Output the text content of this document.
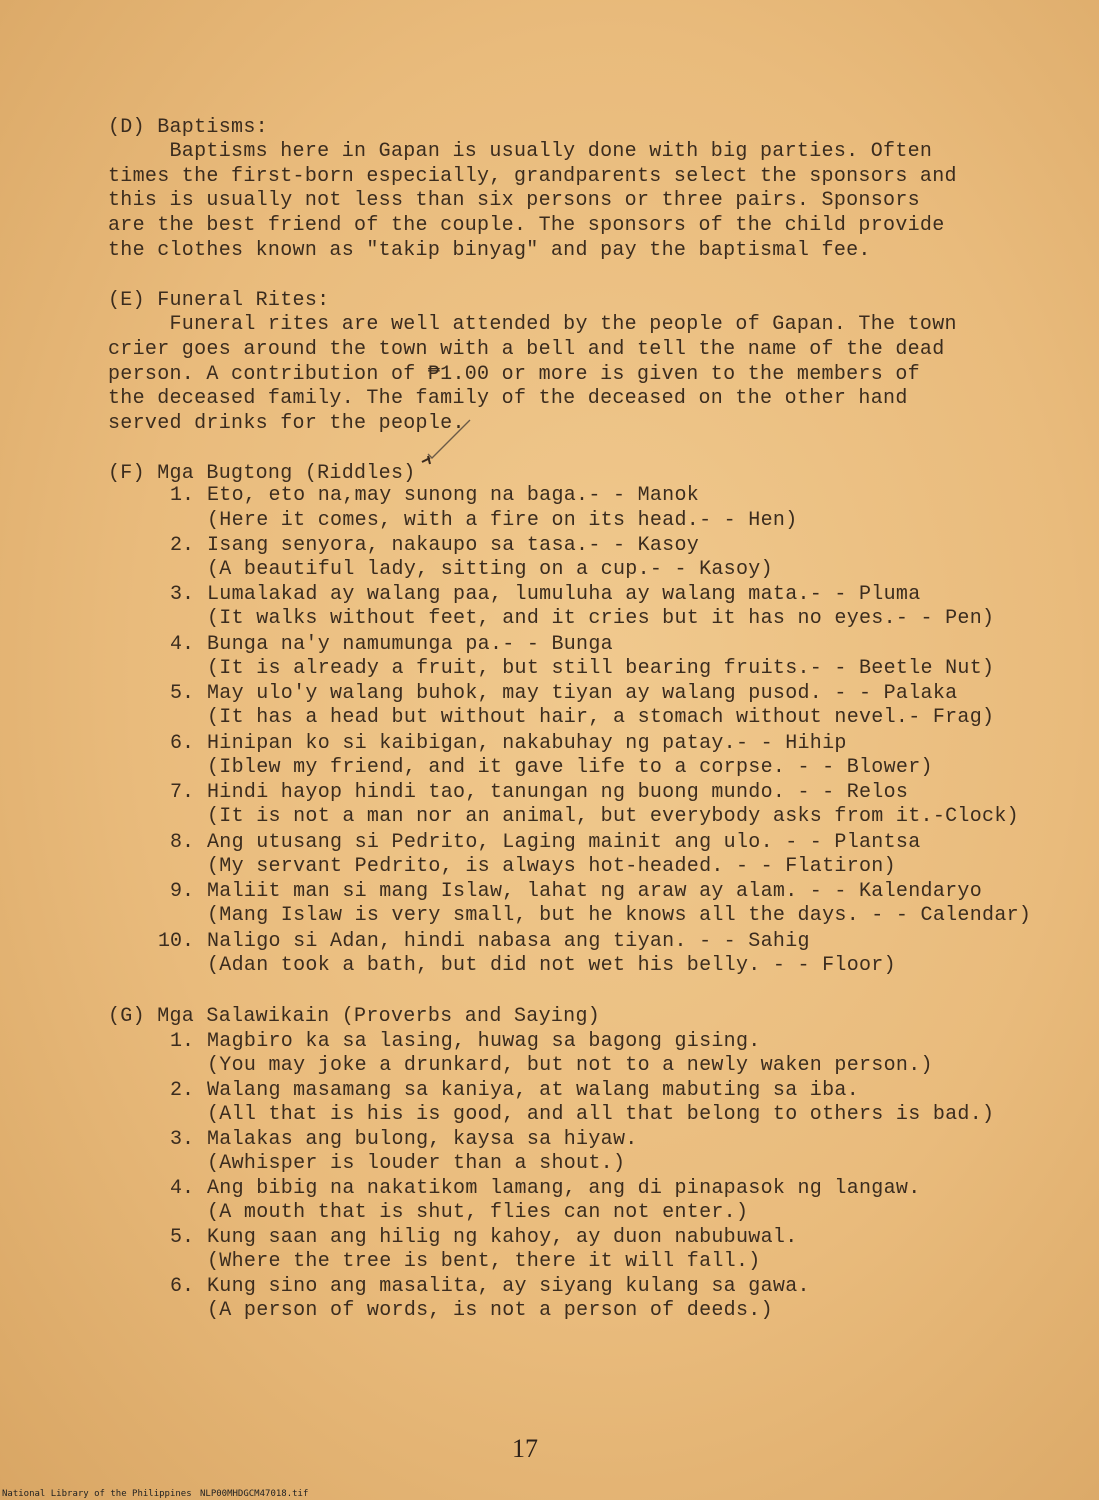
(D) Baptisms:
Baptisms here in Gapan is usually done with big parties. Often
times the first-born especially, grandparents select the sponsors and
this is usually not less than six persons or three pairs. Sponsors
are the best friend of the couple. The sponsors of the child provide
the clothes known as "takip binyag" and pay the baptismal fee.
(E) Funeral Rites:
Funeral rites are well attended by the people of Gapan. The town
crier goes around the town with a bell and tell the name of the dead
person. A contribution of ₱1.00 or more is given to the members of
the deceased family. The family of the deceased on the other hand
served drinks for the people.
(F) Mga Bugtong (Riddles)
1. Eto, eto na,may sunong na baga.- - Manok
(Here it comes, with a fire on its head.- - Hen)
2. Isang senyora, nakaupo sa tasa.- - Kasoy
(A beautiful lady, sitting on a cup.- - Kasoy)
3. Lumalakad ay walang paa, lumuluha ay walang mata.- - Pluma
(It walks without feet, and it cries but it has no eyes.- - Pen)
4. Bunga na'y namumunga pa.- - Bunga
(It is already a fruit, but still bearing fruits.- - Beetle Nut)
5. May ulo'y walang buhok, may tiyan ay walang pusod. - - Palaka
(It has a head but without hair, a stomach without nevel.- Frag)
6. Hinipan ko si kaibigan, nakabuhay ng patay.- - Hihip
(Iblew my friend, and it gave life to a corpse. - - Blower)
7. Hindi hayop hindi tao, tanungan ng buong mundo. - - Relos
(It is not a man nor an animal, but everybody asks from it.-Clock)
8. Ang utusang si Pedrito, Laging mainit ang ulo. - - Plantsa
(My servant Pedrito, is always hot-headed. - - Flatiron)
9. Maliit man si mang Islaw, lahat ng araw ay alam. - - Kalendaryo
(Mang Islaw is very small, but he knows all the days. - - Calendar)
10. Naligo si Adan, hindi nabasa ang tiyan. - - Sahig
(Adan took a bath, but did not wet his belly. - - Floor)
(G) Mga Salawikain (Proverbs and Saying)
1. Magbiro ka sa lasing, huwag sa bagong gising.
(You may joke a drunkard, but not to a newly waken person.)
2. Walang masamang sa kaniya, at walang mabuting sa iba.
(All that is his is good, and all that belong to others is bad.)
3. Malakas ang bulong, kaysa sa hiyaw.
(Awhisper is louder than a shout.)
4. Ang bibig na nakatikom lamang, ang di pinapasok ng langaw.
(A mouth that is shut, flies can not enter.)
5. Kung saan ang hilig ng kahoy, ay duon nabubuwal.
(Where the tree is bent, there it will fall.)
6. Kung sino ang masalita, ay siyang kulang sa gawa.
(A person of words, is not a person of deeds.)
17
National Library of the Philippines NLP00MHDGCM47018.tif
